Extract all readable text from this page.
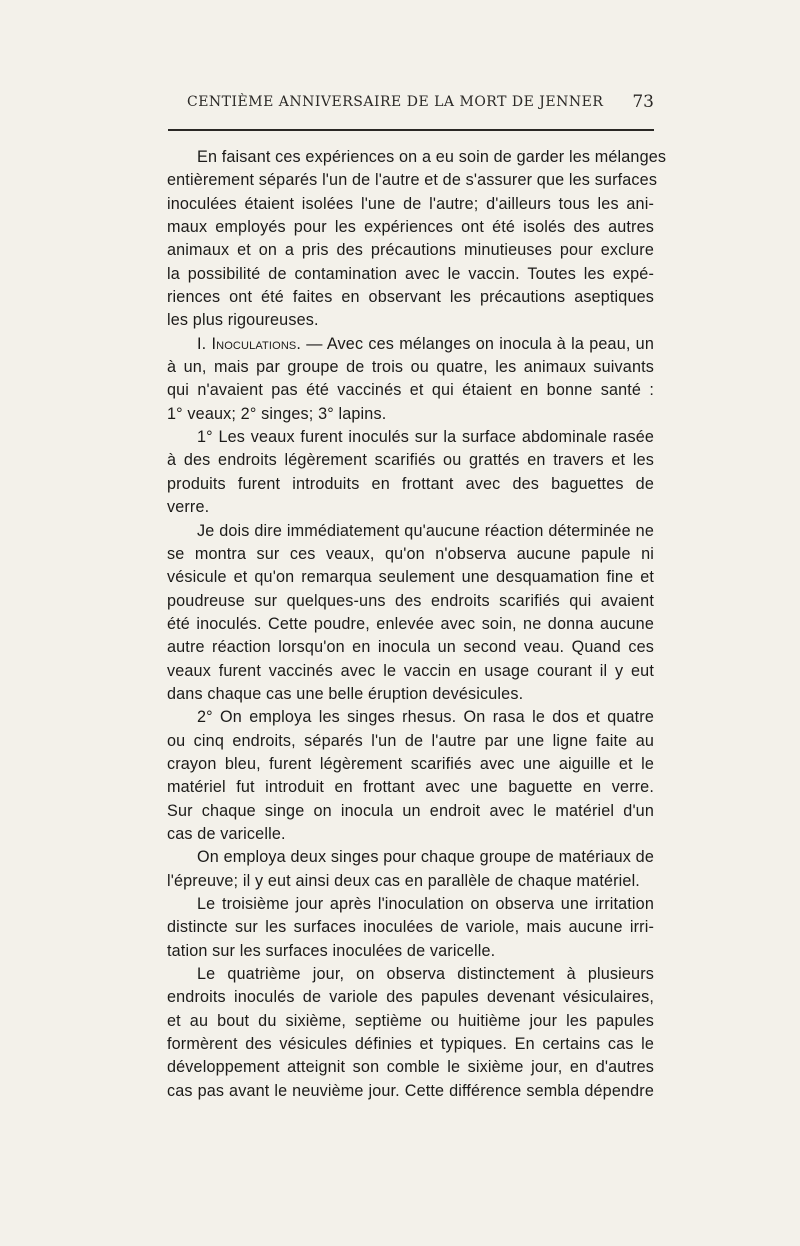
CENTIÈME ANNIVERSAIRE DE LA MORT DE JENNER 73
En faisant ces expériences on a eu soin de garder les mélanges
entièrement séparés l'un de l'autre et de s'assurer que les surfaces
inoculées étaient isolées l'une de l'autre; d'ailleurs tous les ani-
maux employés pour les expériences ont été isolés des autres
animaux et on a pris des précautions minutieuses pour exclure
la possibilité de contamination avec le vaccin. Toutes les expé-
riences ont été faites en observant les précautions aseptiques
les plus rigoureuses.
I. Inoculations. — Avec ces mélanges on inocula à la peau, un
à un, mais par groupe de trois ou quatre, les animaux suivants
qui n'avaient pas été vaccinés et qui étaient en bonne santé :
1° veaux; 2° singes; 3° lapins.
1° Les veaux furent inoculés sur la surface abdominale rasée
à des endroits légèrement scarifiés ou grattés en travers et les
produits furent introduits en frottant avec des baguettes de
verre.
Je dois dire immédiatement qu'aucune réaction déterminée ne
se montra sur ces veaux, qu'on n'observa aucune papule ni
vésicule et qu'on remarqua seulement une desquamation fine et
poudreuse sur quelques-uns des endroits scarifiés qui avaient
été inoculés. Cette poudre, enlevée avec soin, ne donna aucune
autre réaction lorsqu'on en inocula un second veau. Quand ces
veaux furent vaccinés avec le vaccin en usage courant il y eut
dans chaque cas une belle éruption devésicules.
2° On employa les singes rhesus. On rasa le dos et quatre
ou cinq endroits, séparés l'un de l'autre par une ligne faite au
crayon bleu, furent légèrement scarifiés avec une aiguille et le
matériel fut introduit en frottant avec une baguette en verre.
Sur chaque singe on inocula un endroit avec le matériel d'un
cas de varicelle.
On employa deux singes pour chaque groupe de matériaux de
l'épreuve; il y eut ainsi deux cas en parallèle de chaque matériel.
Le troisième jour après l'inoculation on observa une irritation
distincte sur les surfaces inoculées de variole, mais aucune irri-
tation sur les surfaces inoculées de varicelle.
Le quatrième jour, on observa distinctement à plusieurs
endroits inoculés de variole des papules devenant vésiculaires,
et au bout du sixième, septième ou huitième jour les papules
formèrent des vésicules définies et typiques. En certains cas le
développement atteignit son comble le sixième jour, en d'autres
cas pas avant le neuvième jour. Cette différence sembla dépendre
